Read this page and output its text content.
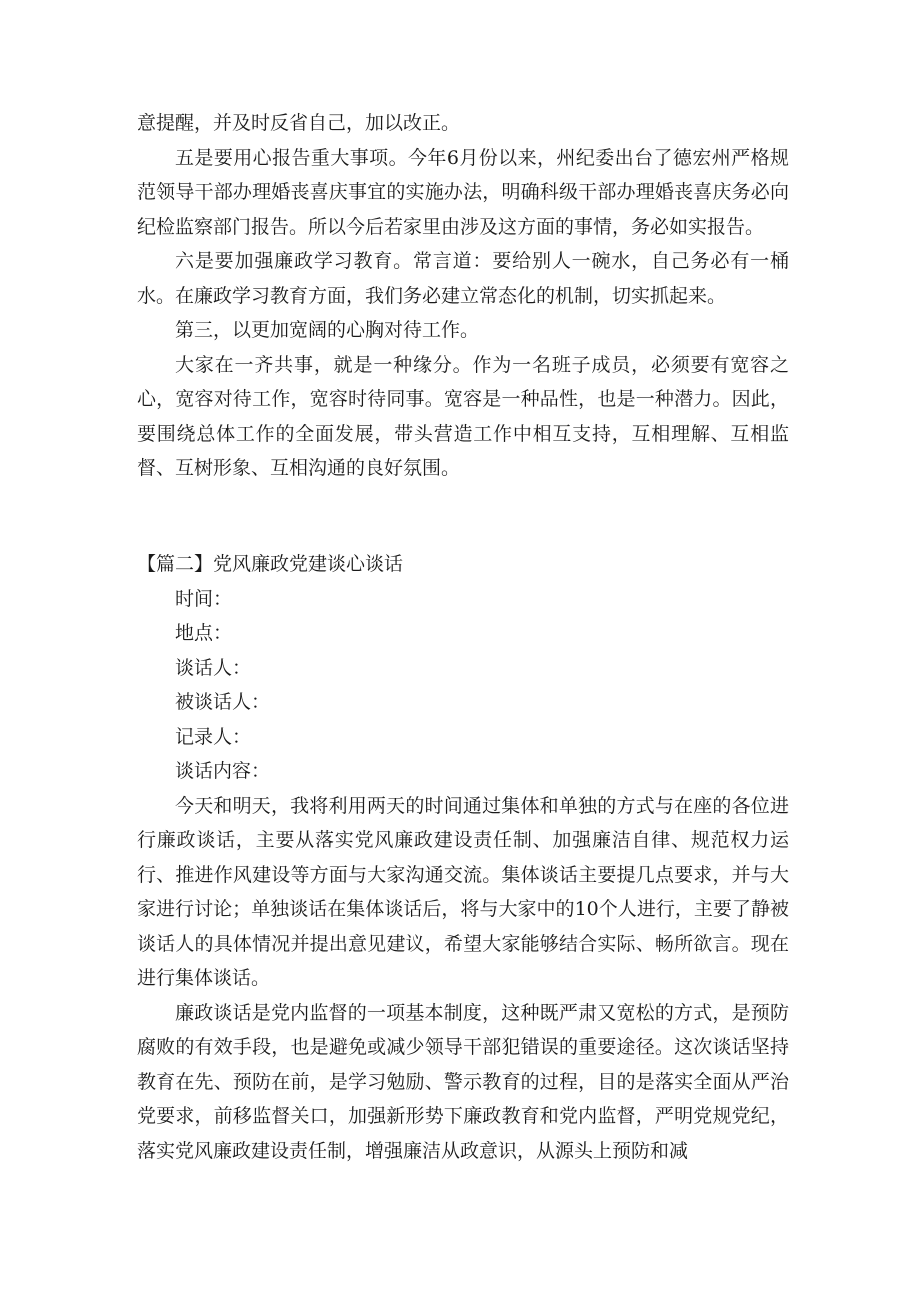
意提醒，并及时反省自己，加以改正。

五是要用心报告重大事项。今年6月份以来，州纪委出台了德宏州严格规范领导干部办理婚丧喜庆事宜的实施办法，明确科级干部办理婚丧喜庆务必向纪检监察部门报告。所以今后若家里由涉及这方面的事情，务必如实报告。

六是要加强廉政学习教育。常言道：要给别人一碗水，自己务必有一桶水。在廉政学习教育方面，我们务必建立常态化的机制，切实抓起来。

第三，以更加宽阔的心胸对待工作。

大家在一齐共事，就是一种缘分。作为一名班子成员，必须要有宽容之心，宽容对待工作，宽容时待同事。宽容是一种品性，也是一种潜力。因此，要围绕总体工作的全面发展，带头营造工作中相互支持，互相理解、互相监督、互树形象、互相沟通的良好氛围。

【篇二】党风廉政党建谈心谈话

时间：

地点：

谈话人：

被谈话人：

记录人：

谈话内容：

今天和明天，我将利用两天的时间通过集体和单独的方式与在座的各位进行廉政谈话，主要从落实党风廉政建设责任制、加强廉洁自律、规范权力运行、推进作风建设等方面与大家沟通交流。集体谈话主要提几点要求，并与大家进行讨论；单独谈话在集体谈话后，将与大家中的10个人进行，主要了静被谈话人的具体情况并提出意见建议，希望大家能够结合实际、畅所欲言。现在进行集体谈话。

廉政谈话是党内监督的一项基本制度，这种既严肃又宽松的方式，是预防腐败的有效手段，也是避免或减少领导干部犯错误的重要途径。这次谈话坚持教育在先、预防在前，是学习勉励、警示教育的过程，目的是落实全面从严治党要求，前移监督关口，加强新形势下廉政教育和党内监督，严明党规党纪，落实党风廉政建设责任制，增强廉洁从政意识，从源头上预防和减
